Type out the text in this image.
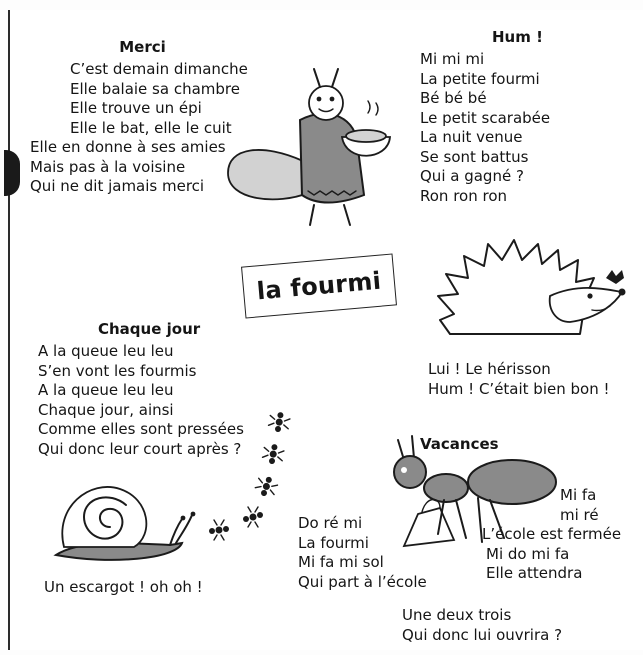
Merci
C’est demain dimanche
Elle balaie sa chambre
Elle trouve un épi
Elle le bat, elle le cuit
Elle en donne à ses amies
Mais pas à la voisine
Qui ne dit jamais merci
Hum !
Mi mi mi
La petite fourmi
Bé bé bé
Le petit scarabée
La nuit venue
Se sont battus
Qui a gagné ?
Ron ron ron
Lui ! Le hérisson
Hum ! C’était bien bon !
la fourmi
Chaque jour
A la queue leu leu
S’en vont les fourmis
A la queue leu leu
Chaque jour, ainsi
Comme elles sont pressées
Qui donc leur court après ?
Un escargot ! oh oh !
Vacances
Do ré mi
La fourmi
Mi fa mi sol
Qui part à l’école
Mi fa
mi ré
L’école est fermée
Mi do mi fa
Elle attendra
Une deux trois
Qui donc lui ouvrira ?
